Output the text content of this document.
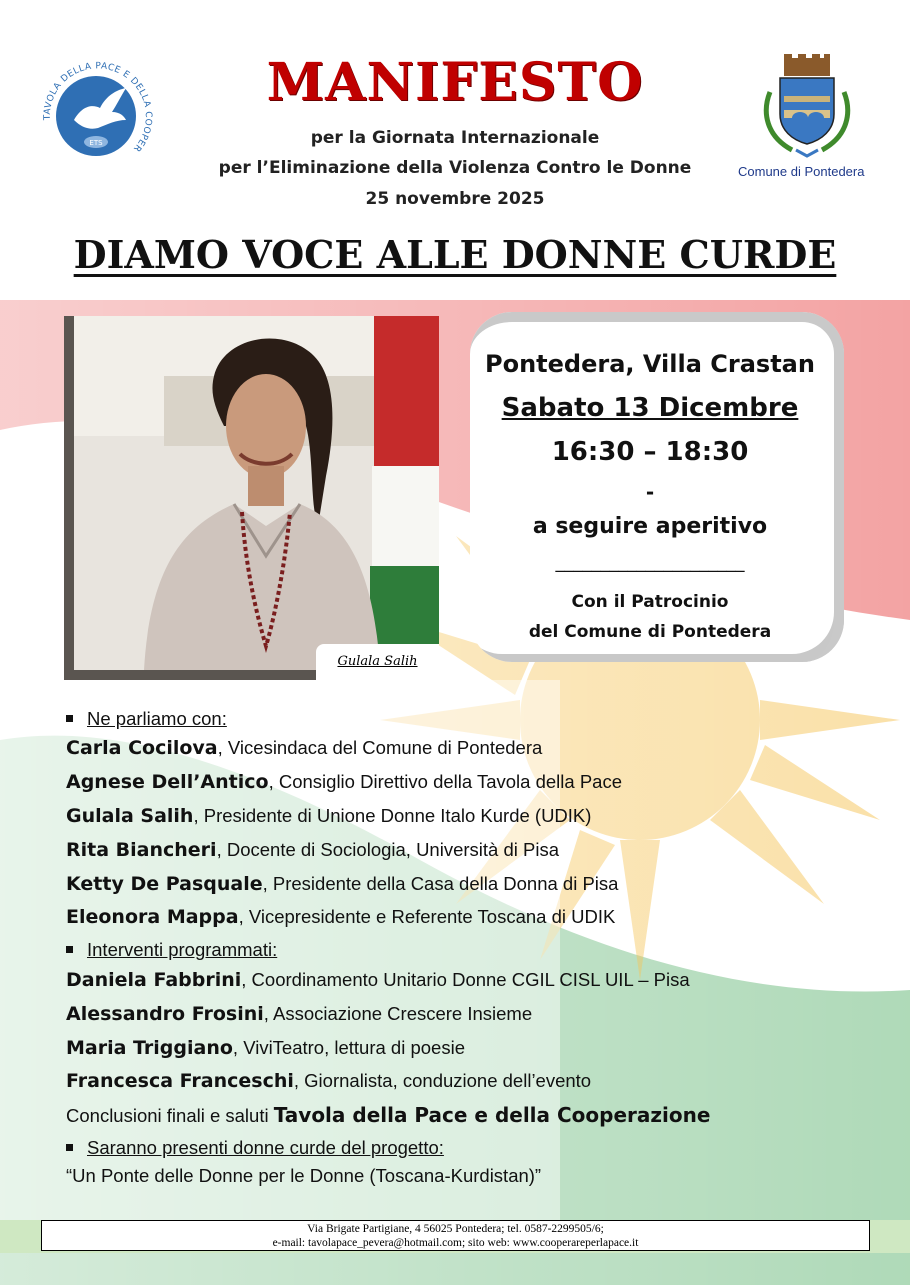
TAVOLA DELLA PACE E DELLA COOPER
ETS
MANIFESTO
per la Giornata Internazionale
per l’Eliminazione della Violenza Contro le Donne
25 novembre 2025
Comune di Pontedera
DIAMO VOCE ALLE DONNE CURDE
Gulala Salih
Pontedera, Villa Crastan
Sabato 13 Dicembre
16:30 – 18:30
-
a seguire aperitivo
_____________________
Con il Patrocinio
del Comune di Pontedera
Ne parliamo con:
Carla Cocilova, Vicesindaca del Comune di Pontedera
Agnese Dell’Antico, Consiglio Direttivo della Tavola della Pace
Gulala Salih, Presidente di Unione Donne Italo Kurde (UDIK)
Rita Biancheri, Docente di Sociologia, Università di Pisa
Ketty De Pasquale, Presidente della Casa della Donna di Pisa
Eleonora Mappa, Vicepresidente e Referente Toscana di UDIK
Interventi programmati:
Daniela Fabbrini, Coordinamento Unitario Donne CGIL CISL UIL – Pisa
Alessandro Frosini, Associazione Crescere Insieme
Maria Triggiano, ViviTeatro, lettura di poesie
Francesca Franceschi, Giornalista, conduzione dell’evento
Conclusioni finali e saluti Tavola della Pace e della Cooperazione
Saranno presenti donne curde del progetto:
“Un Ponte delle Donne per le Donne (Toscana-Kurdistan)”
Via Brigate Partigiane, 4 56025 Pontedera; tel. 0587-2299505/6;
e-mail: tavolapace_pevera@hotmail.com; sito web: www.cooperareperlapace.it
